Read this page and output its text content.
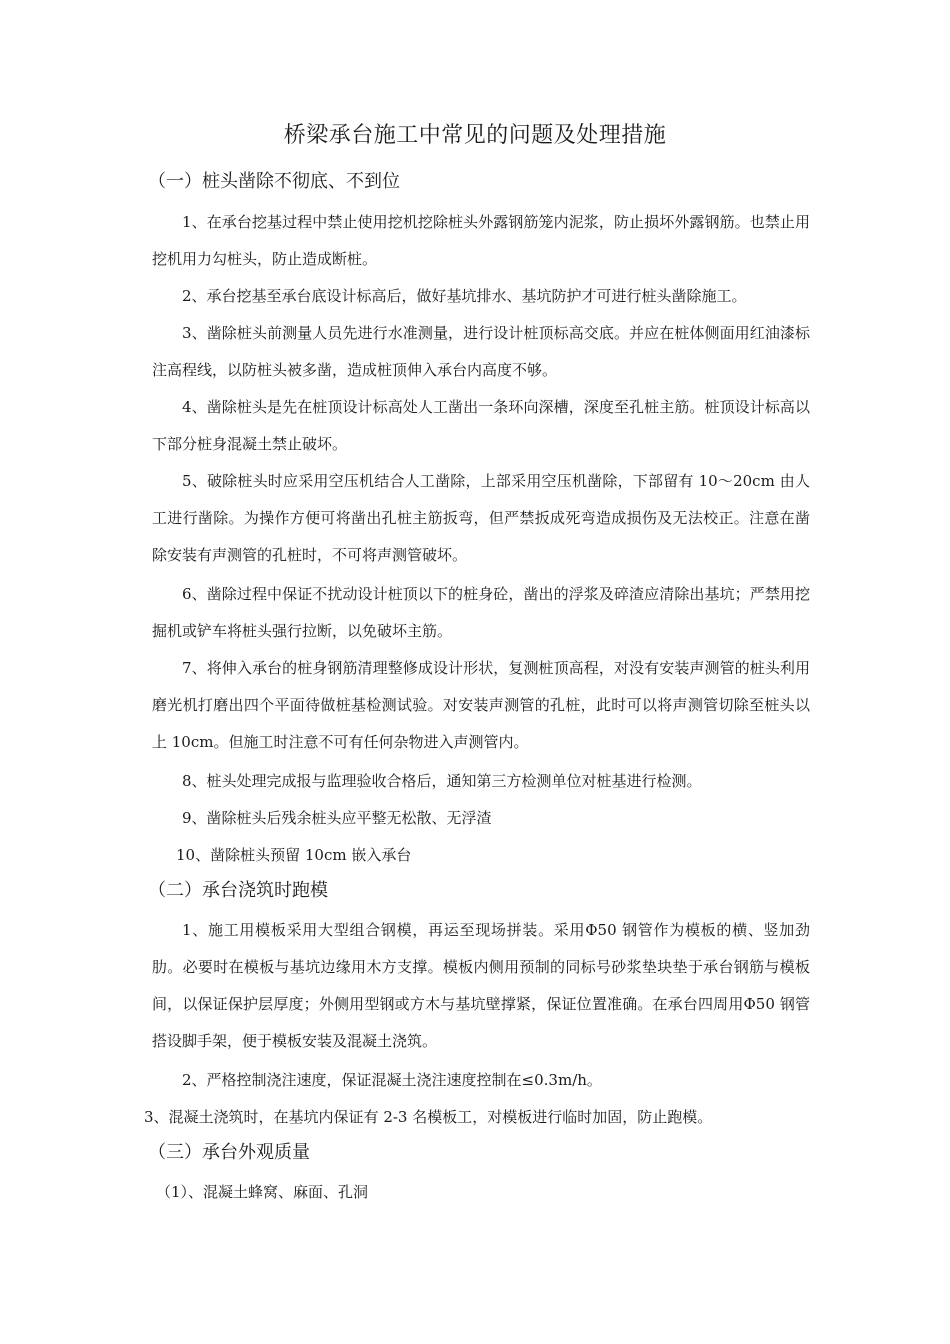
桥梁承台施工中常见的问题及处理措施
（一）桩头凿除不彻底、不到位
1、在承台挖基过程中禁止使用挖机挖除桩头外露钢筋笼内泥浆，防止损坏外露钢筋。也禁止用挖机用力勾桩头，防止造成断桩。
2、承台挖基至承台底设计标高后，做好基坑排水、基坑防护才可进行桩头凿除施工。
3、凿除桩头前测量人员先进行水准测量，进行设计桩顶标高交底。并应在桩体侧面用红油漆标注高程线，以防桩头被多凿，造成桩顶伸入承台内高度不够。
4、凿除桩头是先在桩顶设计标高处人工凿出一条环向深槽，深度至孔桩主筋。桩顶设计标高以下部分桩身混凝土禁止破坏。
5、破除桩头时应采用空压机结合人工凿除，上部采用空压机凿除，下部留有 10～20cm 由人工进行凿除。为操作方便可将凿出孔桩主筋扳弯，但严禁扳成死弯造成损伤及无法校正。注意在凿除安装有声测管的孔桩时，不可将声测管破坏。
6、凿除过程中保证不扰动设计桩顶以下的桩身砼，凿出的浮浆及碎渣应清除出基坑；严禁用挖掘机或铲车将桩头强行拉断，以免破坏主筋。
7、将伸入承台的桩身钢筋清理整修成设计形状，复测桩顶高程，对没有安装声测管的桩头利用磨光机打磨出四个平面待做桩基检测试验。对安装声测管的孔桩，此时可以将声测管切除至桩头以上 10cm。但施工时注意不可有任何杂物进入声测管内。
8、桩头处理完成报与监理验收合格后，通知第三方检测单位对桩基进行检测。
9、凿除桩头后残余桩头应平整无松散、无浮渣
10、凿除桩头预留 10cm 嵌入承台
（二）承台浇筑时跑模
1、施工用模板采用大型组合钢模，再运至现场拼装。采用Φ50 钢管作为模板的横、竖加劲肋。必要时在模板与基坑边缘用木方支撑。模板内侧用预制的同标号砂浆垫块垫于承台钢筋与模板间，以保证保护层厚度；外侧用型钢或方木与基坑壁撑紧，保证位置准确。在承台四周用Φ50 钢管搭设脚手架，便于模板安装及混凝土浇筑。
2、严格控制浇注速度，保证混凝土浇注速度控制在≤0.3m/h。
3、混凝土浇筑时，在基坑内保证有 2-3 名模板工，对模板进行临时加固，防止跑模。
（三）承台外观质量
（1）、混凝土蜂窝、麻面、孔洞
